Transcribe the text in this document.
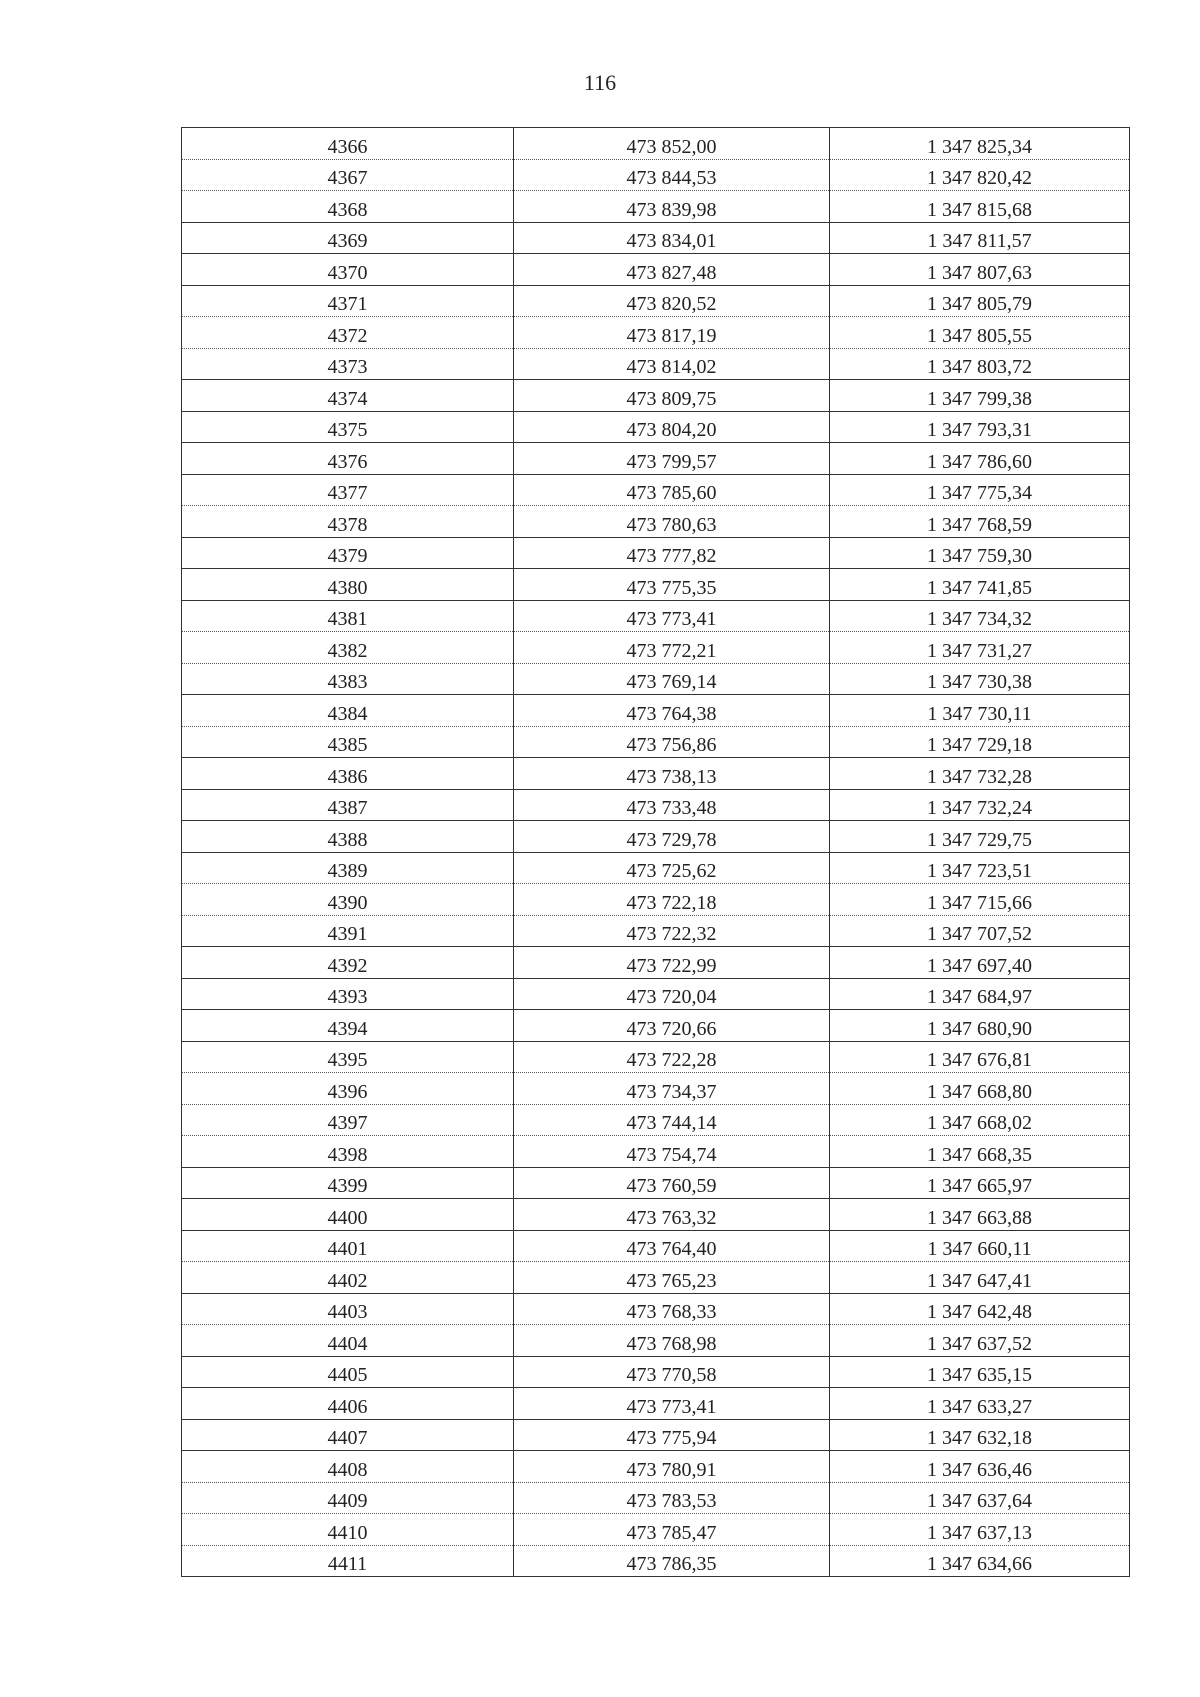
116
4366	473 852,00	1 347 825,34
4367	473 844,53	1 347 820,42
4368	473 839,98	1 347 815,68
4369	473 834,01	1 347 811,57
4370	473 827,48	1 347 807,63
4371	473 820,52	1 347 805,79
4372	473 817,19	1 347 805,55
4373	473 814,02	1 347 803,72
4374	473 809,75	1 347 799,38
4375	473 804,20	1 347 793,31
4376	473 799,57	1 347 786,60
4377	473 785,60	1 347 775,34
4378	473 780,63	1 347 768,59
4379	473 777,82	1 347 759,30
4380	473 775,35	1 347 741,85
4381	473 773,41	1 347 734,32
4382	473 772,21	1 347 731,27
4383	473 769,14	1 347 730,38
4384	473 764,38	1 347 730,11
4385	473 756,86	1 347 729,18
4386	473 738,13	1 347 732,28
4387	473 733,48	1 347 732,24
4388	473 729,78	1 347 729,75
4389	473 725,62	1 347 723,51
4390	473 722,18	1 347 715,66
4391	473 722,32	1 347 707,52
4392	473 722,99	1 347 697,40
4393	473 720,04	1 347 684,97
4394	473 720,66	1 347 680,90
4395	473 722,28	1 347 676,81
4396	473 734,37	1 347 668,80
4397	473 744,14	1 347 668,02
4398	473 754,74	1 347 668,35
4399	473 760,59	1 347 665,97
4400	473 763,32	1 347 663,88
4401	473 764,40	1 347 660,11
4402	473 765,23	1 347 647,41
4403	473 768,33	1 347 642,48
4404	473 768,98	1 347 637,52
4405	473 770,58	1 347 635,15
4406	473 773,41	1 347 633,27
4407	473 775,94	1 347 632,18
4408	473 780,91	1 347 636,46
4409	473 783,53	1 347 637,64
4410	473 785,47	1 347 637,13
4411	473 786,35	1 347 634,66
